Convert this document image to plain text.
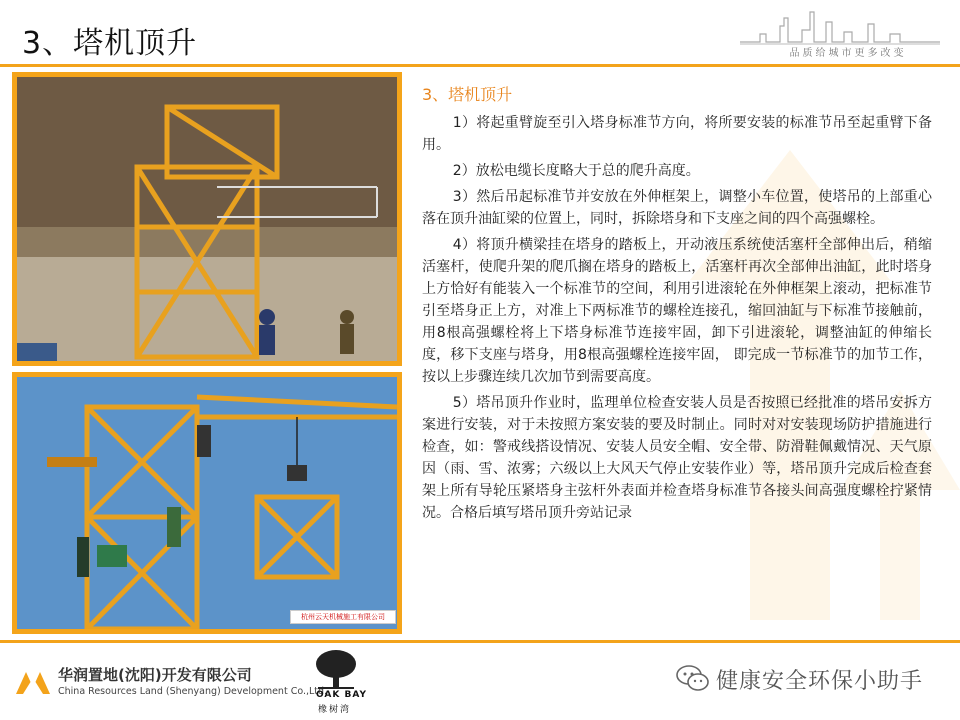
3、塔机顶升	品质给城市更多改变
杭州云天机械施工有限公司
3、塔机顶升

1）将起重臂旋至引入塔身标准节方向，将所要安装的标准节吊至起重臂下备用。

2）放松电缆长度略大于总的爬升高度。

3）然后吊起标准节并安放在外伸框架上，调整小车位置，使塔吊的上部重心落在顶升油缸梁的位置上，同时，拆除塔身和下支座之间的四个高强螺栓。

4）将顶升横梁挂在塔身的踏板上，开动液压系统使活塞杆全部伸出后，稍缩活塞杆，使爬升架的爬爪搁在塔身的踏板上，活塞杆再次全部伸出油缸，此时塔身上方恰好有能装入一个标准节的空间，利用引进滚轮在外伸框架上滚动，把标准节引至塔身正上方，对准上下两标准节的螺栓连接孔，缩回油缸与下标准节接触前，用8根高强螺栓将上下塔身标准节连接牢固，卸下引进滚轮，调整油缸的伸缩长度，移下支座与塔身，用8根高强螺栓连接牢固， 即完成一节标准节的加节工作，按以上步骤连续几次加节到需要高度。

5）塔吊顶升作业时，监理单位检查安装人员是否按照已经批准的塔吊安拆方案进行安装，对于未按照方案安装的要及时制止。同时对对安装现场防护措施进行检查，如：警戒线搭设情况、安装人员安全帽、安全带、防滑鞋佩戴情况、天气原因（雨、雪、浓雾；六级以上大风天气停止安装作业）等，塔吊顶升完成后检查套架上所有导轮压紧塔身主弦杆外表面并检查塔身标准节各接头间高强度螺栓拧紧情况。合格后填写塔吊顶升旁站记录

华润置地(沈阳)开发有限公司
China Resources Land (Shenyang) Development Co.,Ltd.
OAK BAY
橡树湾
健康安全环保小助手
